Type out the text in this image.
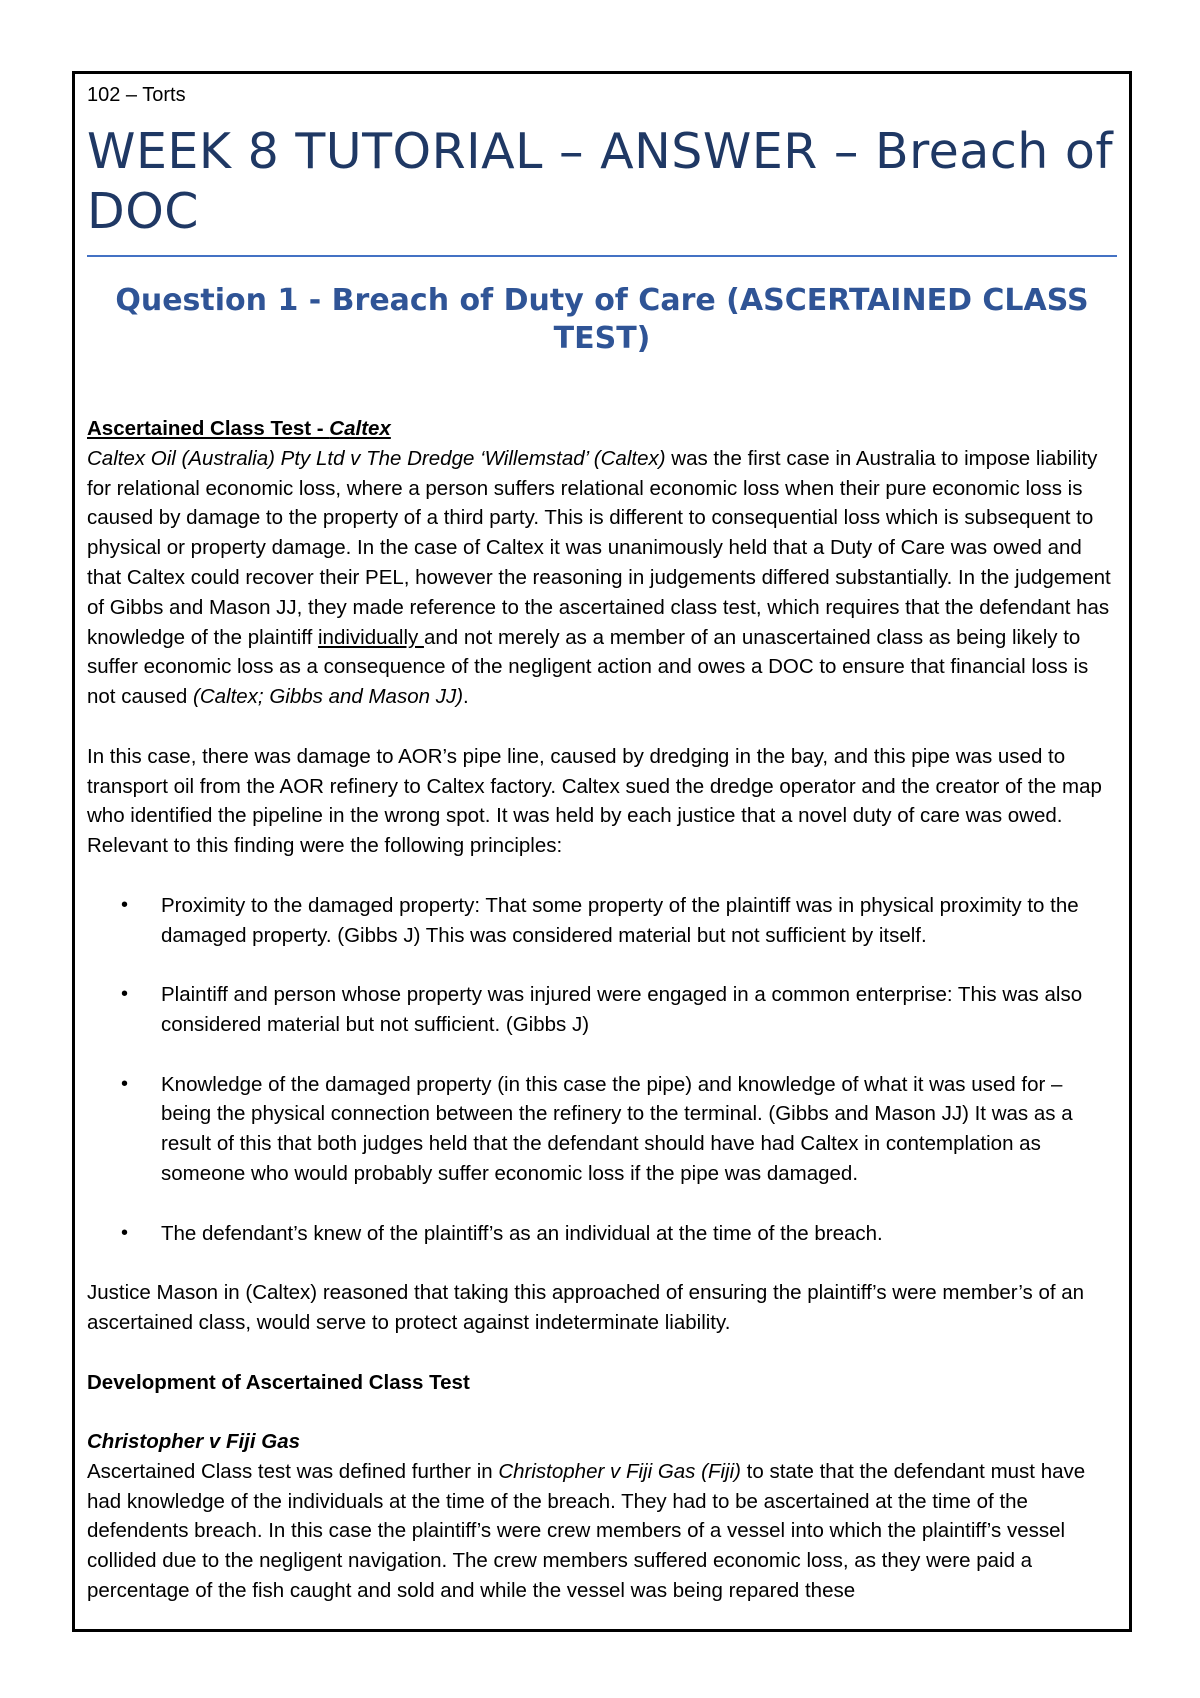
102 – Torts

WEEK 8 TUTORIAL – ANSWER – Breach of DOC
Question 1 - Breach of Duty of Care (ASCERTAINED CLASS TEST)

Ascertained Class Test - Caltex

Caltex Oil (Australia) Pty Ltd v The Dredge ‘Willemstad’ (Caltex) was the first case in Australia to impose liability for relational economic loss, where a person suffers relational economic loss when their pure economic loss is caused by damage to the property of a third party. This is different to consequential loss which is subsequent to physical or property damage. In the case of Caltex it was unanimously held that a Duty of Care was owed and that Caltex could recover their PEL, however the reasoning in judgements differed substantially. In the judgement of Gibbs and Mason JJ, they made reference to the ascertained class test, which requires that the defendant has knowledge of the plaintiff individually and not merely as a member of an unascertained class as being likely to suffer economic loss as a consequence of the negligent action and owes a DOC to ensure that financial loss is not caused (Caltex; Gibbs and Mason JJ).

In this case, there was damage to AOR’s pipe line, caused by dredging in the bay, and this pipe was used to transport oil from the AOR refinery to Caltex factory. Caltex sued the dredge operator and the creator of the map who identified the pipeline in the wrong spot. It was held by each justice that a novel duty of care was owed. Relevant to this finding were the following principles:

• Proximity to the damaged property: That some property of the plaintiff was in physical proximity to the damaged property. (Gibbs J) This was considered material but not sufficient by itself.
• Plaintiff and person whose property was injured were engaged in a common enterprise: This was also considered material but not sufficient. (Gibbs J)
• Knowledge of the damaged property (in this case the pipe) and knowledge of what it was used for – being the physical connection between the refinery to the terminal. (Gibbs and Mason JJ) It was as a result of this that both judges held that the defendant should have had Caltex in contemplation as someone who would probably suffer economic loss if the pipe was damaged.
• The defendant’s knew of the plaintiff’s as an individual at the time of the breach.

Justice Mason in (Caltex) reasoned that taking this approached of ensuring the plaintiff’s were member’s of an ascertained class, would serve to protect against indeterminate liability.

Development of Ascertained Class Test

Christopher v Fiji Gas

Ascertained Class test was defined further in Christopher v Fiji Gas (Fiji) to state that the defendant must have had knowledge of the individuals at the time of the breach. They had to be ascertained at the time of the defendents breach. In this case the plaintiff’s were crew members of a vessel into which the plaintiff’s vessel collided due to the negligent navigation. The crew members suffered economic loss, as they were paid a percentage of the fish caught and sold and while the vessel was being repared these
